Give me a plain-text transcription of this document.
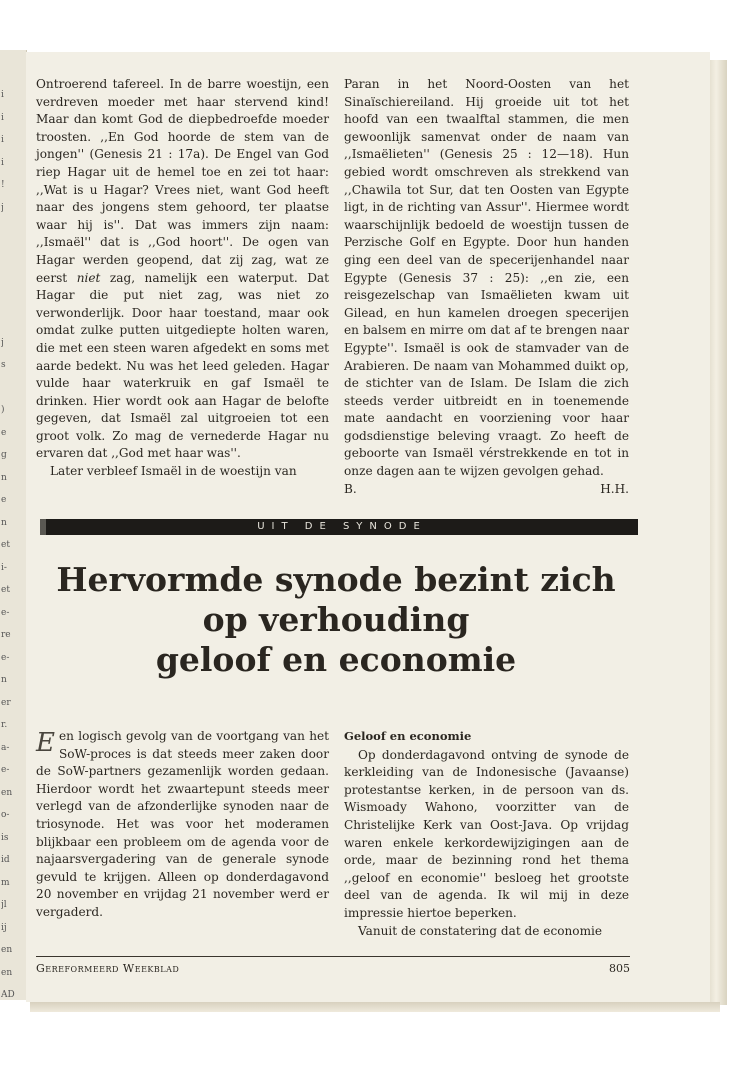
i
i
i
i
!
j
j
s
)
e
g
n
e
n
et
i-
et
e-
re
e-
n
er
r.
a-
e-
en
o-
is
id
m
jl
ij
en
en
AD

Ontroerend tafereel. In de barre woestijn, een verdreven moeder met haar stervend kind! Maar dan komt God de diepbedroefde moeder troosten. ,,En God hoorde de stem van de jongen'' (Genesis 21 : 17a). De Engel van God riep Hagar uit de hemel toe en zei tot haar: ,,Wat is u Hagar? Vrees niet, want God heeft naar des jongens stem gehoord, ter plaatse waar hij is''. Dat was immers zijn naam: ,,Ismaël'' dat is ,,God hoort''. De ogen van Hagar werden geopend, dat zij zag, wat ze eerst niet zag, namelijk een waterput. Dat Hagar die put niet zag, was niet zo verwonderlijk. Door haar toestand, maar ook omdat zulke putten uitgediepte holten waren, die met een steen waren afgedekt en soms met aarde bedekt. Nu was het leed geleden. Hagar vulde haar waterkruik en gaf Ismaël te drinken. Hier wordt ook aan Hagar de belofte gegeven, dat Ismaël zal uitgroeien tot een groot volk. Zo mag de vernederde Hagar nu ervaren dat ,,God met haar was''.

Later verbleef Ismaël in de woestijn van

Paran in het Noord-Oosten van het Sinaïschiereiland. Hij groeide uit tot het hoofd van een twaalftal stammen, die men gewoonlijk samenvat onder de naam van ,,Ismaëlieten'' (Genesis 25 : 12—18). Hun gebied wordt omschreven als strekkend van ,,Chawila tot Sur, dat ten Oosten van Egypte ligt, in de richting van Assur''. Hiermee wordt waarschijnlijk bedoeld de woestijn tussen de Perzische Golf en Egypte. Door hun handen ging een deel van de specerijenhandel naar Egypte (Genesis 37 : 25): ,,en zie, een reisgezelschap van Ismaëlieten kwam uit Gilead, en hun kamelen droegen specerijen en balsem en mirre om dat af te brengen naar Egypte''. Ismaël is ook de stamvader van de Arabieren. De naam van Mohammed duikt op, de stichter van de Islam. De Islam die zich steeds verder uitbreidt en in toenemende mate aandacht en voorziening voor haar godsdienstige beleving vraagt. Zo heeft de geboorte van Ismaël vérstrekkende en tot in onze dagen aan te wijzen gevolgen gehad.

B.	H.H.
UIT DE SYNODE
Hervormde synode bezint zich
op verhouding
geloof en economie

Een logisch gevolg van de voortgang van het SoW-proces is dat steeds meer zaken door de SoW-partners gezamenlijk worden gedaan. Hierdoor wordt het zwaartepunt steeds meer verlegd van de afzonderlijke synoden naar de triosynode. Het was voor het moderamen blijkbaar een probleem om de agenda voor de najaarsvergadering van de generale synode gevuld te krijgen. Alleen op donderdagavond 20 november en vrijdag 21 november werd er vergaderd.

Geloof en economie

Op donderdagavond ontving de synode de kerkleiding van de Indonesische (Javaanse) protestantse kerken, in de persoon van ds. Wismoady Wahono, voorzitter van de Christelijke Kerk van Oost-Java. Op vrijdag waren enkele kerkordewijzigingen aan de orde, maar de bezinning rond het thema ,,geloof en economie'' besloeg het grootste deel van de agenda. Ik wil mij in deze impressie hiertoe beperken.

Vanuit de constatering dat de economie

Gereformeerd Weekblad	805
